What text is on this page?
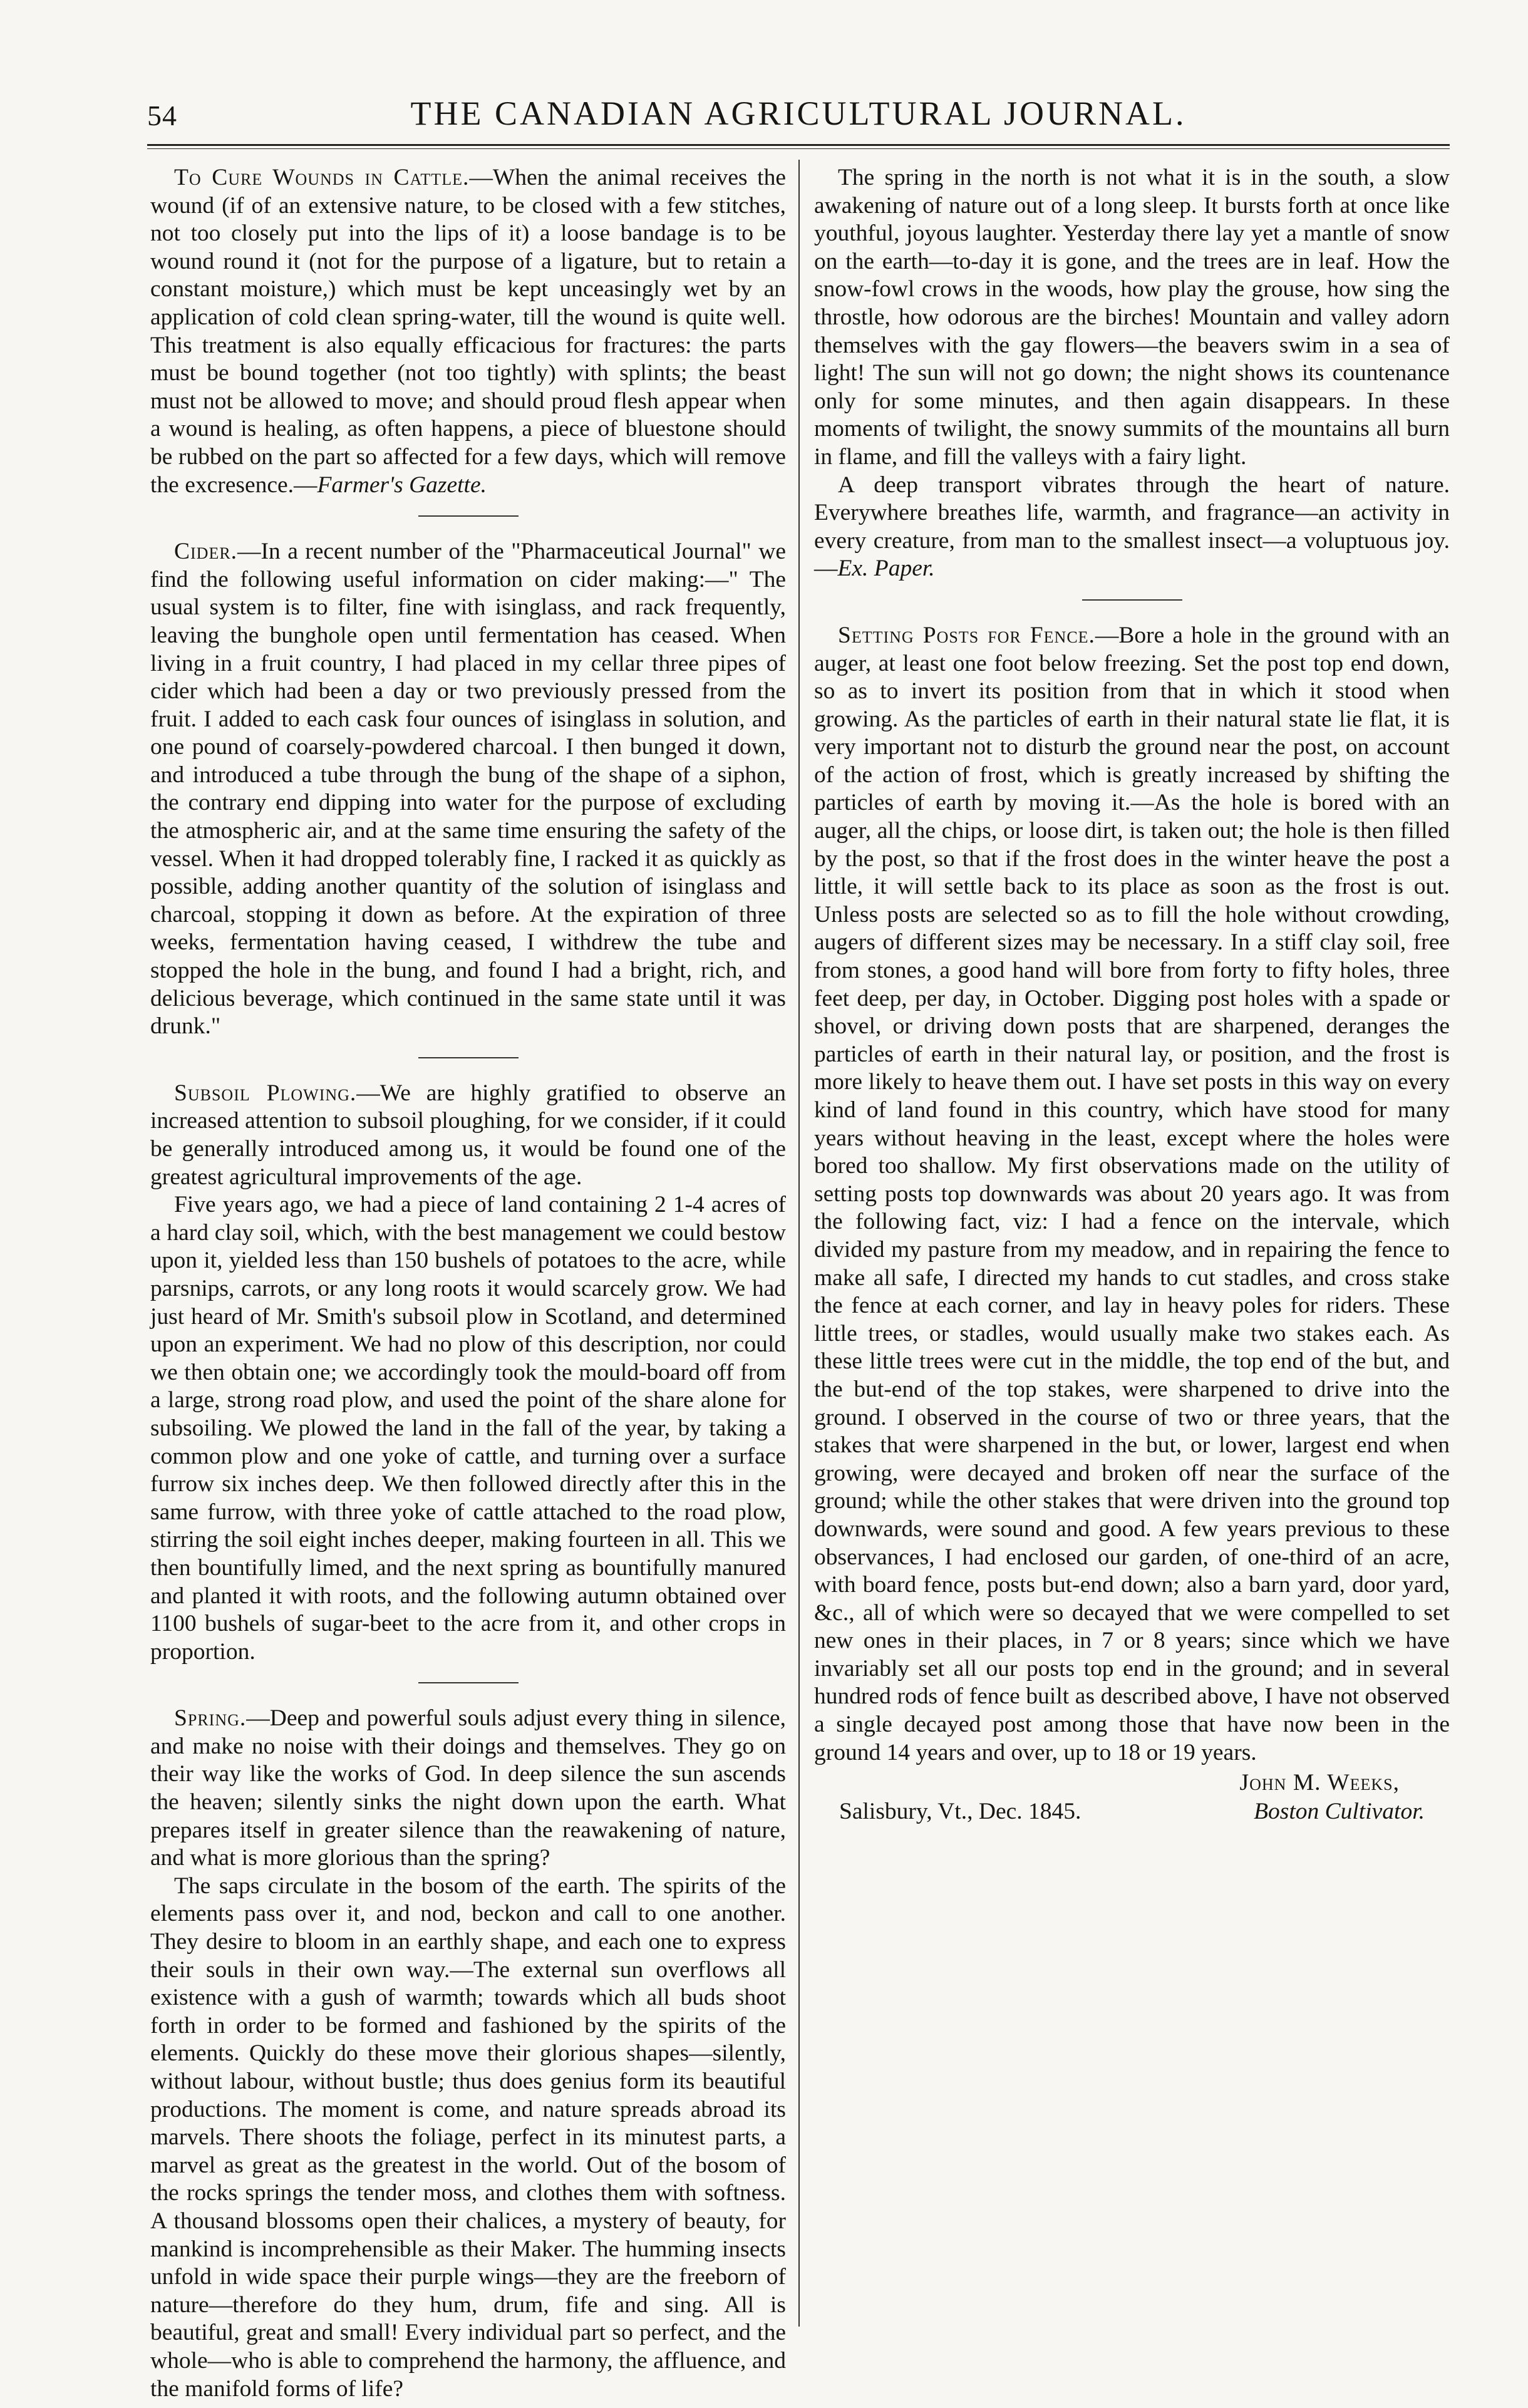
54	THE CANADIAN AGRICULTURAL JOURNAL.

To Cure Wounds in Cattle.—When the animal receives the wound (if of an extensive nature, to be closed with a few stitches, not too closely put into the lips of it) a loose bandage is to be wound round it (not for the purpose of a ligature, but to retain a constant moisture,) which must be kept unceasingly wet by an application of cold clean spring-water, till the wound is quite well. This treatment is also equally efficacious for fractures: the parts must be bound together (not too tightly) with splints; the beast must not be allowed to move; and should proud flesh appear when a wound is healing, as often happens, a piece of bluestone should be rubbed on the part so affected for a few days, which will remove the excresence.—Farmer's Gazette.

Cider.—In a recent number of the "Pharmaceutical Journal" we find the following useful information on cider making:—" The usual system is to filter, fine with isinglass, and rack frequently, leaving the bunghole open until fermentation has ceased. When living in a fruit country, I had placed in my cellar three pipes of cider which had been a day or two previously pressed from the fruit. I added to each cask four ounces of isinglass in solution, and one pound of coarsely-powdered charcoal. I then bunged it down, and introduced a tube through the bung of the shape of a siphon, the contrary end dipping into water for the purpose of excluding the atmospheric air, and at the same time ensuring the safety of the vessel. When it had dropped tolerably fine, I racked it as quickly as possible, adding another quantity of the solution of isinglass and charcoal, stopping it down as before. At the expiration of three weeks, fermentation having ceased, I withdrew the tube and stopped the hole in the bung, and found I had a bright, rich, and delicious beverage, which continued in the same state until it was drunk."

Subsoil Plowing.—We are highly gratified to observe an increased attention to subsoil ploughing, for we consider, if it could be generally introduced among us, it would be found one of the greatest agricultural improvements of the age.

Five years ago, we had a piece of land containing 2 1-4 acres of a hard clay soil, which, with the best management we could bestow upon it, yielded less than 150 bushels of potatoes to the acre, while parsnips, carrots, or any long roots it would scarcely grow. We had just heard of Mr. Smith's subsoil plow in Scotland, and determined upon an experiment. We had no plow of this description, nor could we then obtain one; we accordingly took the mould-board off from a large, strong road plow, and used the point of the share alone for subsoiling. We plowed the land in the fall of the year, by taking a common plow and one yoke of cattle, and turning over a surface furrow six inches deep. We then followed directly after this in the same furrow, with three yoke of cattle attached to the road plow, stirring the soil eight inches deeper, making fourteen in all. This we then bountifully limed, and the next spring as bountifully manured and planted it with roots, and the following autumn obtained over 1100 bushels of sugar-beet to the acre from it, and other crops in proportion.

Spring.—Deep and powerful souls adjust every thing in silence, and make no noise with their doings and themselves. They go on their way like the works of God. In deep silence the sun ascends the heaven; silently sinks the night down upon the earth. What prepares itself in greater silence than the reawakening of nature, and what is more glorious than the spring?

The saps circulate in the bosom of the earth. The spirits of the elements pass over it, and nod, beckon and call to one another. They desire to bloom in an earthly shape, and each one to express their souls in their own way.—The external sun overflows all existence with a gush of warmth; towards which all buds shoot forth in order to be formed and fashioned by the spirits of the elements. Quickly do these move their glorious shapes—silently, without labour, without bustle; thus does genius form its beautiful productions. The moment is come, and nature spreads abroad its marvels. There shoots the foliage, perfect in its minutest parts, a marvel as great as the greatest in the world. Out of the bosom of the rocks springs the tender moss, and clothes them with softness. A thousand blossoms open their chalices, a mystery of beauty, for mankind is incomprehensible as their Maker. The humming insects unfold in wide space their purple wings—they are the freeborn of nature—therefore do they hum, drum, fife and sing. All is beautiful, great and small! Every individual part so perfect, and the whole—who is able to comprehend the harmony, the affluence, and the manifold forms of life?

The spring in the north is not what it is in the south, a slow awakening of nature out of a long sleep. It bursts forth at once like youthful, joyous laughter. Yesterday there lay yet a mantle of snow on the earth—to-day it is gone, and the trees are in leaf. How the snow-fowl crows in the woods, how play the grouse, how sing the throstle, how odorous are the birches! Mountain and valley adorn themselves with the gay flowers—the beavers swim in a sea of light! The sun will not go down; the night shows its countenance only for some minutes, and then again disappears. In these moments of twilight, the snowy summits of the mountains all burn in flame, and fill the valleys with a fairy light.

A deep transport vibrates through the heart of nature. Everywhere breathes life, warmth, and fragrance—an activity in every creature, from man to the smallest insect—a voluptuous joy.—Ex. Paper.

Setting Posts for Fence.—Bore a hole in the ground with an auger, at least one foot below freezing. Set the post top end down, so as to invert its position from that in which it stood when growing. As the particles of earth in their natural state lie flat, it is very important not to disturb the ground near the post, on account of the action of frost, which is greatly increased by shifting the particles of earth by moving it.—As the hole is bored with an auger, all the chips, or loose dirt, is taken out; the hole is then filled by the post, so that if the frost does in the winter heave the post a little, it will settle back to its place as soon as the frost is out. Unless posts are selected so as to fill the hole without crowding, augers of different sizes may be necessary. In a stiff clay soil, free from stones, a good hand will bore from forty to fifty holes, three feet deep, per day, in October. Digging post holes with a spade or shovel, or driving down posts that are sharpened, deranges the particles of earth in their natural lay, or position, and the frost is more likely to heave them out. I have set posts in this way on every kind of land found in this country, which have stood for many years without heaving in the least, except where the holes were bored too shallow. My first observations made on the utility of setting posts top downwards was about 20 years ago. It was from the following fact, viz: I had a fence on the intervale, which divided my pasture from my meadow, and in repairing the fence to make all safe, I directed my hands to cut stadles, and cross stake the fence at each corner, and lay in heavy poles for riders. These little trees, or stadles, would usually make two stakes each. As these little trees were cut in the middle, the top end of the but, and the but-end of the top stakes, were sharpened to drive into the ground. I observed in the course of two or three years, that the stakes that were sharpened in the but, or lower, largest end when growing, were decayed and broken off near the surface of the ground; while the other stakes that were driven into the ground top downwards, were sound and good. A few years previous to these observances, I had enclosed our garden, of one-third of an acre, with board fence, posts but-end down; also a barn yard, door yard, &c., all of which were so decayed that we were compelled to set new ones in their places, in 7 or 8 years; since which we have invariably set all our posts top end in the ground; and in several hundred rods of fence built as described above, I have not observed a single decayed post among those that have now been in the ground 14 years and over, up to 18 or 19 years.

John M. Weeks,
Salisbury, Vt., Dec. 1845.	Boston Cultivator.
